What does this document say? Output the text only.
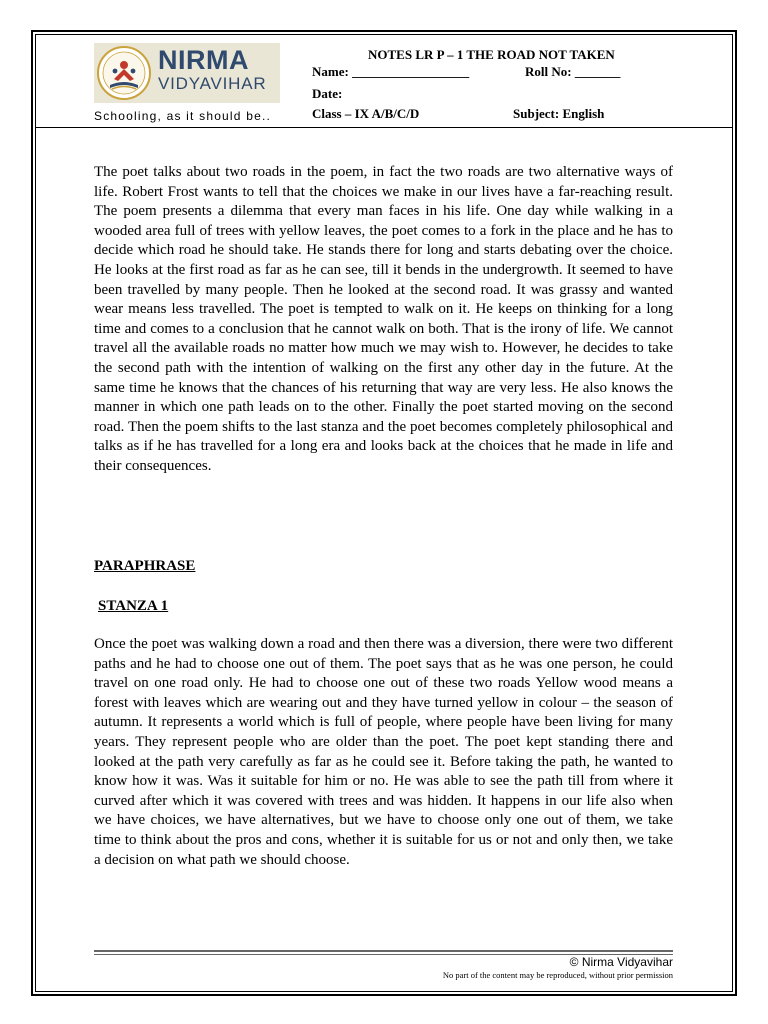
NIRMA
VIDYAVIHAR
Schooling, as it should be..
NOTES LR P – 1 THE ROAD NOT TAKEN
Name: __________________	Roll No: _______
Date:
Class – IX A/B/C/D	Subject: English

The poet talks about two roads in the poem, in fact the two roads are two alternative ways of life. Robert Frost wants to tell that the choices we make in our lives have a far-reaching result. The poem presents a dilemma that every man faces in his life. One day while walking in a wooded area full of trees with yellow leaves, the poet comes to a fork in the place and he has to decide which road he should take. He stands there for long and starts debating over the choice. He looks at the first road as far as he can see, till it bends in the undergrowth. It seemed to have been travelled by many people. Then he looked at the second road. It was grassy and wanted wear means less travelled. The poet is tempted to walk on it. He keeps on thinking for a long time and comes to a conclusion that he cannot walk on both. That is the irony of life. We cannot travel all the available roads no matter how much we may wish to. However, he decides to take the second path with the intention of walking on the first any other day in the future. At the same time he knows that the chances of his returning that way are very less. He also knows the manner in which one path leads on to the other. Finally the poet started moving on the second road. Then the poem shifts to the last stanza and the poet becomes completely philosophical and talks as if he has travelled for a long era and looks back at the choices that he made in life and their consequences.

PARAPHRASE
STANZA 1

Once the poet was walking down a road and then there was a diversion, there were two different paths and he had to choose one out of them. The poet says that as he was one person, he could travel on one road only. He had to choose one out of these two roads Yellow wood means a forest with leaves which are wearing out and they have turned yellow in colour – the season of autumn. It represents a world which is full of people, where people have been living for many years. They represent people who are older than the poet. The poet kept standing there and looked at the path very carefully as far as he could see it. Before taking the path, he wanted to know how it was. Was it suitable for him or no. He was able to see the path till from where it curved after which it was covered with trees and was hidden. It happens in our life also when we have choices, we have alternatives, but we have to choose only one out of them, we take time to think about the pros and cons, whether it is suitable for us or not and only then, we take a decision on what path we should choose.

© Nirma Vidyavihar
No part of the content may be reproduced, without prior permission
